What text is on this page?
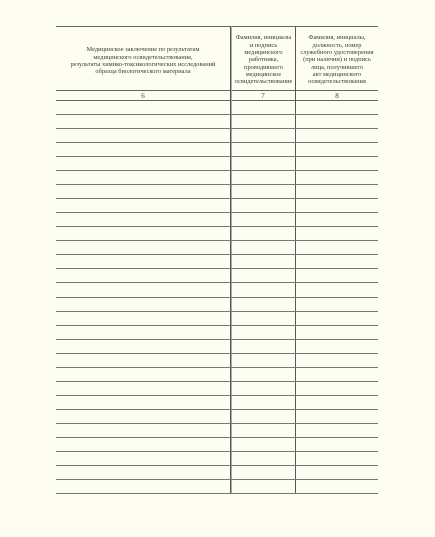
Медицинское заключение по результатам
медицинского освидетельствования,
результаты химико-токсикологических исследований
образца биологического материала
Фамилия, инициалы
и подпись
медицинского
работника,
проводившего
медицинское
освидетельствование
Фамилия, инициалы,
должность, номер
служебного удостоверения
(при наличии) и подпись
лица, получившего
акт медицинского
освидетельствования
6	7	8
